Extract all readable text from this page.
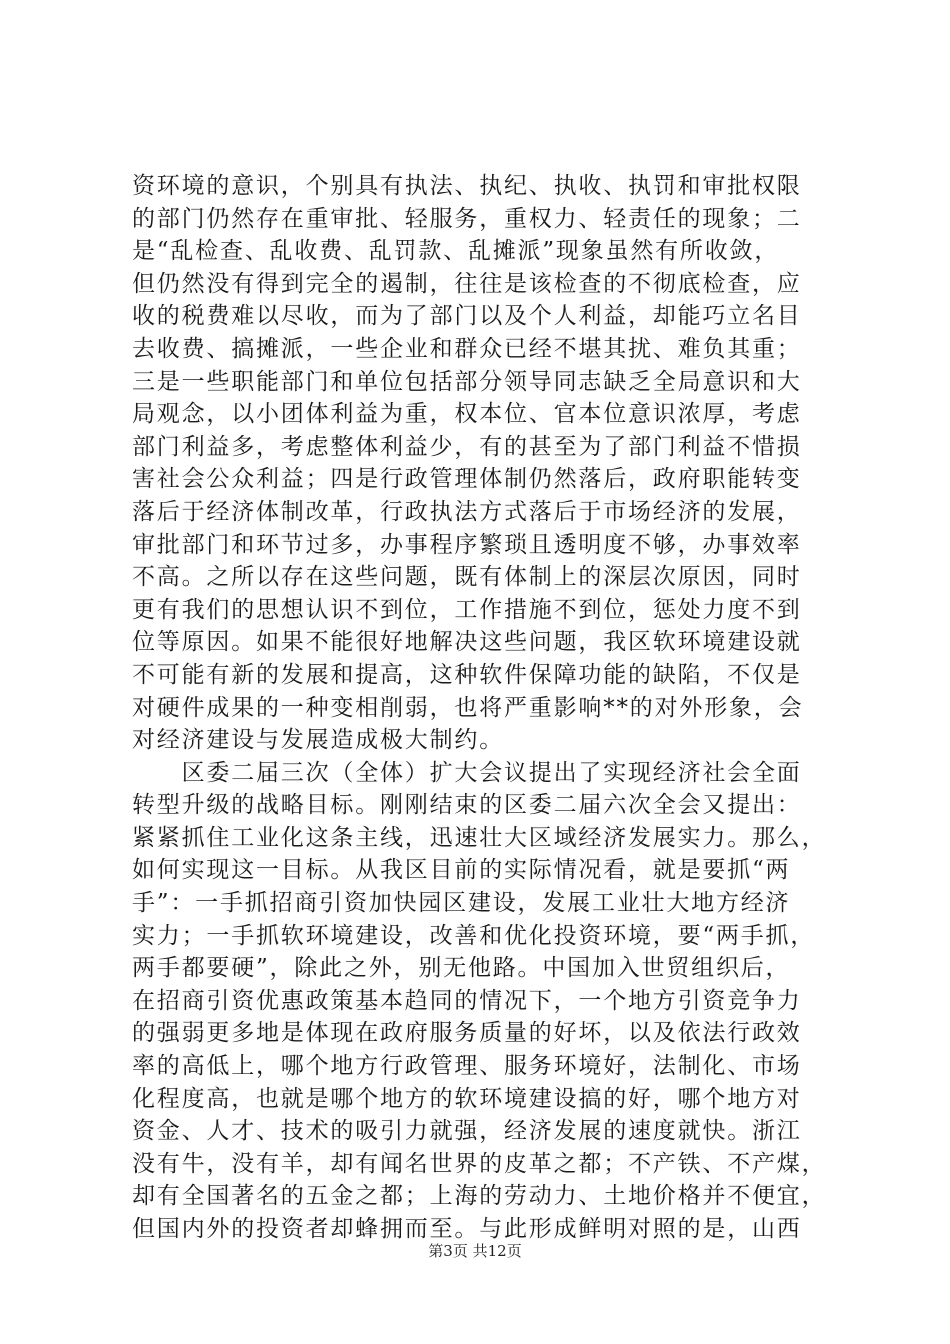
资环境的意识，个别具有执法、执纪、执收、执罚和审批权限
的部门仍然存在重审批、轻服务，重权力、轻责任的现象；二
是“乱检查、乱收费、乱罚款、乱摊派”现象虽然有所收敛，
但仍然没有得到完全的遏制，往往是该检查的不彻底检查，应
收的税费难以尽收，而为了部门以及个人利益，却能巧立名目
去收费、搞摊派，一些企业和群众已经不堪其扰、难负其重；
三是一些职能部门和单位包括部分领导同志缺乏全局意识和大
局观念，以小团体利益为重，权本位、官本位意识浓厚，考虑
部门利益多，考虑整体利益少，有的甚至为了部门利益不惜损
害社会公众利益；四是行政管理体制仍然落后，政府职能转变
落后于经济体制改革，行政执法方式落后于市场经济的发展，
审批部门和环节过多，办事程序繁琐且透明度不够，办事效率
不高。之所以存在这些问题，既有体制上的深层次原因，同时
更有我们的思想认识不到位，工作措施不到位，惩处力度不到
位等原因。如果不能很好地解决这些问题，我区软环境建设就
不可能有新的发展和提高，这种软件保障功能的缺陷，不仅是
对硬件成果的一种变相削弱，也将严重影响**的对外形象，会
对经济建设与发展造成极大制约。
　　区委二届三次（全体）扩大会议提出了实现经济社会全面
转型升级的战略目标。刚刚结束的区委二届六次全会又提出：
紧紧抓住工业化这条主线，迅速壮大区域经济发展实力。那么，
如何实现这一目标。从我区目前的实际情况看，就是要抓“两
手”：一手抓招商引资加快园区建设，发展工业壮大地方经济
实力；一手抓软环境建设，改善和优化投资环境，要“两手抓，
两手都要硬”，除此之外，别无他路。中国加入世贸组织后，
在招商引资优惠政策基本趋同的情况下，一个地方引资竞争力
的强弱更多地是体现在政府服务质量的好坏，以及依法行政效
率的高低上，哪个地方行政管理、服务环境好，法制化、市场
化程度高，也就是哪个地方的软环境建设搞的好，哪个地方对
资金、人才、技术的吸引力就强，经济发展的速度就快。浙江
没有牛，没有羊，却有闻名世界的皮革之都；不产铁、不产煤，
却有全国著名的五金之都；上海的劳动力、土地价格并不便宜，
但国内外的投资者却蜂拥而至。与此形成鲜明对照的是，山西
第3页 共12页
